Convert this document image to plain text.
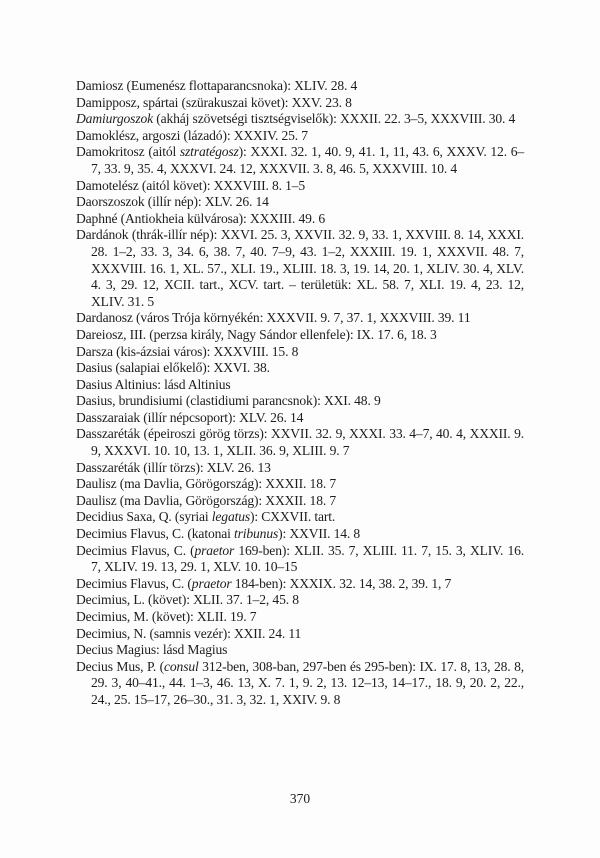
Damiosz (Eumenész flottaparancsnoka): XLIV. 28. 4

Damipposz, spártai (szürakuszai követ): XXV. 23. 8

Damiurgoszok (akháj szövetségi tisztségviselők): XXXII. 22. 3–5, XXXVIII. 30. 4

Damoklész, argoszi (lázadó): XXXIV. 25. 7

Damokritosz (aitól sztratégosz): XXXI. 32. 1, 40. 9, 41. 1, 11, 43. 6, XXXV. 12. 6–7, 33. 9, 35. 4, XXXVI. 24. 12, XXXVII. 3. 8, 46. 5, XXXVIII. 10. 4

Damotelész (aitól követ): XXXVIII. 8. 1–5

Daorszoszok (illír nép): XLV. 26. 14

Daphné (Antiokheia külvárosa): XXXIII. 49. 6

Dardánok (thrák-illír nép): XXVI. 25. 3, XXVII. 32. 9, 33. 1, XXVIII. 8. 14, XXXI. 28. 1–2, 33. 3, 34. 6, 38. 7, 40. 7–9, 43. 1–2, XXXIII. 19. 1, XXXVII. 48. 7, XXXVIII. 16. 1, XL. 57., XLI. 19., XLIII. 18. 3, 19. 14, 20. 1, XLIV. 30. 4, XLV. 4. 3, 29. 12, XCII. tart., XCV. tart. – területük: XL. 58. 7, XLI. 19. 4, 23. 12, XLIV. 31. 5

Dardanosz (város Trója környékén: XXXVII. 9. 7, 37. 1, XXXVIII. 39. 11

Dareiosz, III. (perzsa király, Nagy Sándor ellenfele): IX. 17. 6, 18. 3

Darsza (kis-ázsiai város): XXXVIII. 15. 8

Dasius (salapiai előkelő): XXVI. 38.

Dasius Altinius: lásd Altinius

Dasius, brundisiumi (clastidiumi parancsnok): XXI. 48. 9

Dasszaraiak (illír népcsoport): XLV. 26. 14

Dasszaréták (épeiroszi görög törzs): XXVII. 32. 9, XXXI. 33. 4–7, 40. 4, XXXII. 9. 9, XXXVI. 10. 10, 13. 1, XLII. 36. 9, XLIII. 9. 7

Dasszaréták (illír törzs): XLV. 26. 13

Daulisz (ma Davlia, Görögország): XXXII. 18. 7

Daulisz (ma Davlia, Görögország): XXXII. 18. 7

Decidius Saxa, Q. (syriai legatus): CXXVII. tart.

Decimius Flavus, C. (katonai tribunus): XXVII. 14. 8

Decimius Flavus, C. (praetor 169-ben): XLII. 35. 7, XLIII. 11. 7, 15. 3, XLIV. 16. 7, XLIV. 19. 13, 29. 1, XLV. 10. 10–15

Decimius Flavus, C. (praetor 184-ben): XXXIX. 32. 14, 38. 2, 39. 1, 7

Decimius, L. (követ): XLII. 37. 1–2, 45. 8

Decimius, M. (követ): XLII. 19. 7

Decimius, N. (samnis vezér): XXII. 24. 11

Decius Magius: lásd Magius

Decius Mus, P. (consul 312-ben, 308-ban, 297-ben és 295-ben): IX. 17. 8, 13, 28. 8, 29. 3, 40–41., 44. 1–3, 46. 13, X. 7. 1, 9. 2, 13. 12–13, 14–17., 18. 9, 20. 2, 22., 24., 25. 15–17, 26–30., 31. 3, 32. 1, XXIV. 9. 8

370
